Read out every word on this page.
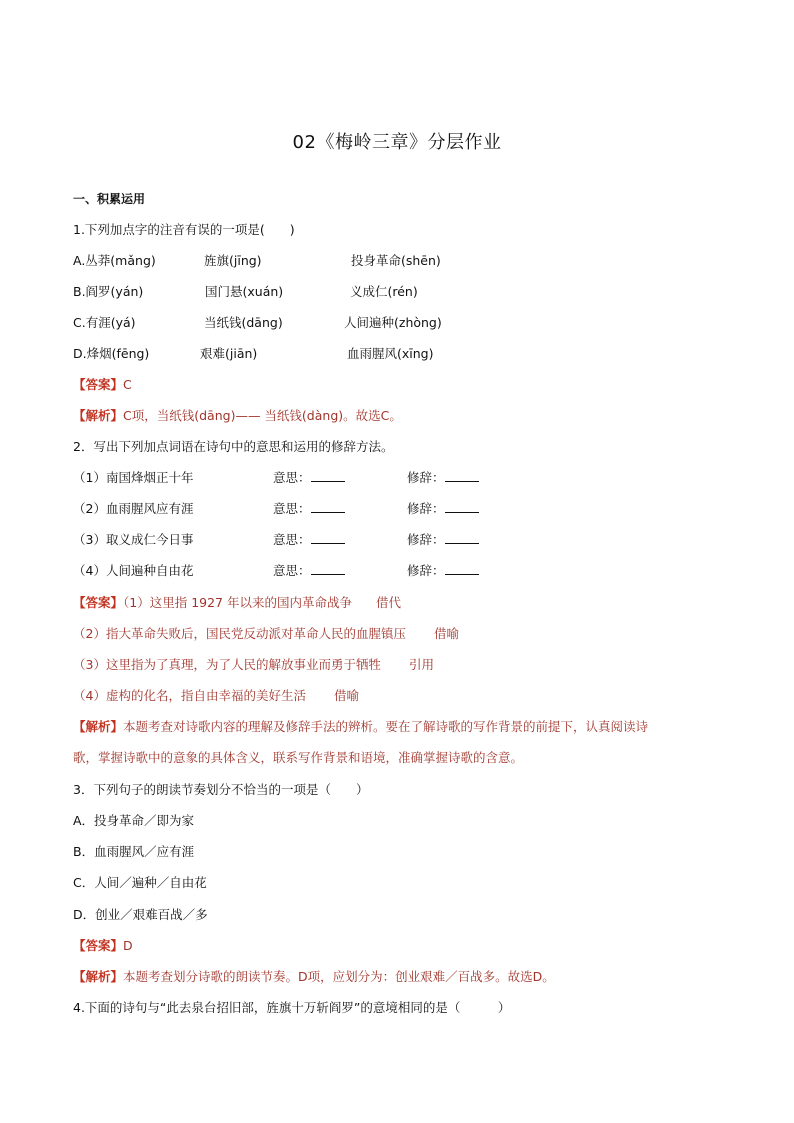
02《梅岭三章》分层作业
一、积累运用
1.下列加点字的注音有误的一项是(　　)
A.丛莽(mǎng)	旌旗(jīng)	投身革命(shēn)
B.阎罗(yán)	国门悬(xuán)	义成仁(rén)
C.有涯(yá)	当纸钱(dāng)	人间遍种(zhòng)
D.烽烟(fēng)	艰难(jiān)	血雨腥风(xīng)
【答案】C
【解析】C项，当纸钱(dāng)—— 当纸钱(dàng)。故选C。
2．写出下列加点词语在诗句中的意思和运用的修辞方法。
（1）南国烽烟正十年	意思：	修辞：
（2）血雨腥风应有涯	意思：	修辞：
（3）取义成仁今日事	意思：	修辞：
（4）人间遍种自由花	意思：	修辞：
【答案】（1）这里指 1927 年以来的国内革命战争 借代
（2）指大革命失败后，国民党反动派对革命人民的血腥镇压 借喻
（3）这里指为了真理，为了人民的解放事业而勇于牺牲 引用
（4）虚构的化名，指自由幸福的美好生活 借喻
【解析】本题考查对诗歌内容的理解及修辞手法的辨析。要在了解诗歌的写作背景的前提下，认真阅读诗
歌，掌握诗歌中的意象的具体含义，联系写作背景和语境，准确掌握诗歌的含意。
3．下列句子的朗读节奏划分不恰当的一项是（　　）
A．投身革命／即为家
B．血雨腥风／应有涯
C．人间／遍种／自由花
D．创业／艰难百战／多
【答案】D
【解析】本题考查划分诗歌的朗读节奏。D项，应划分为：创业艰难／百战多。故选D。
4.下面的诗句与“此去泉台招旧部，旌旗十万斩阎罗”的意境相同的是（　　　）
